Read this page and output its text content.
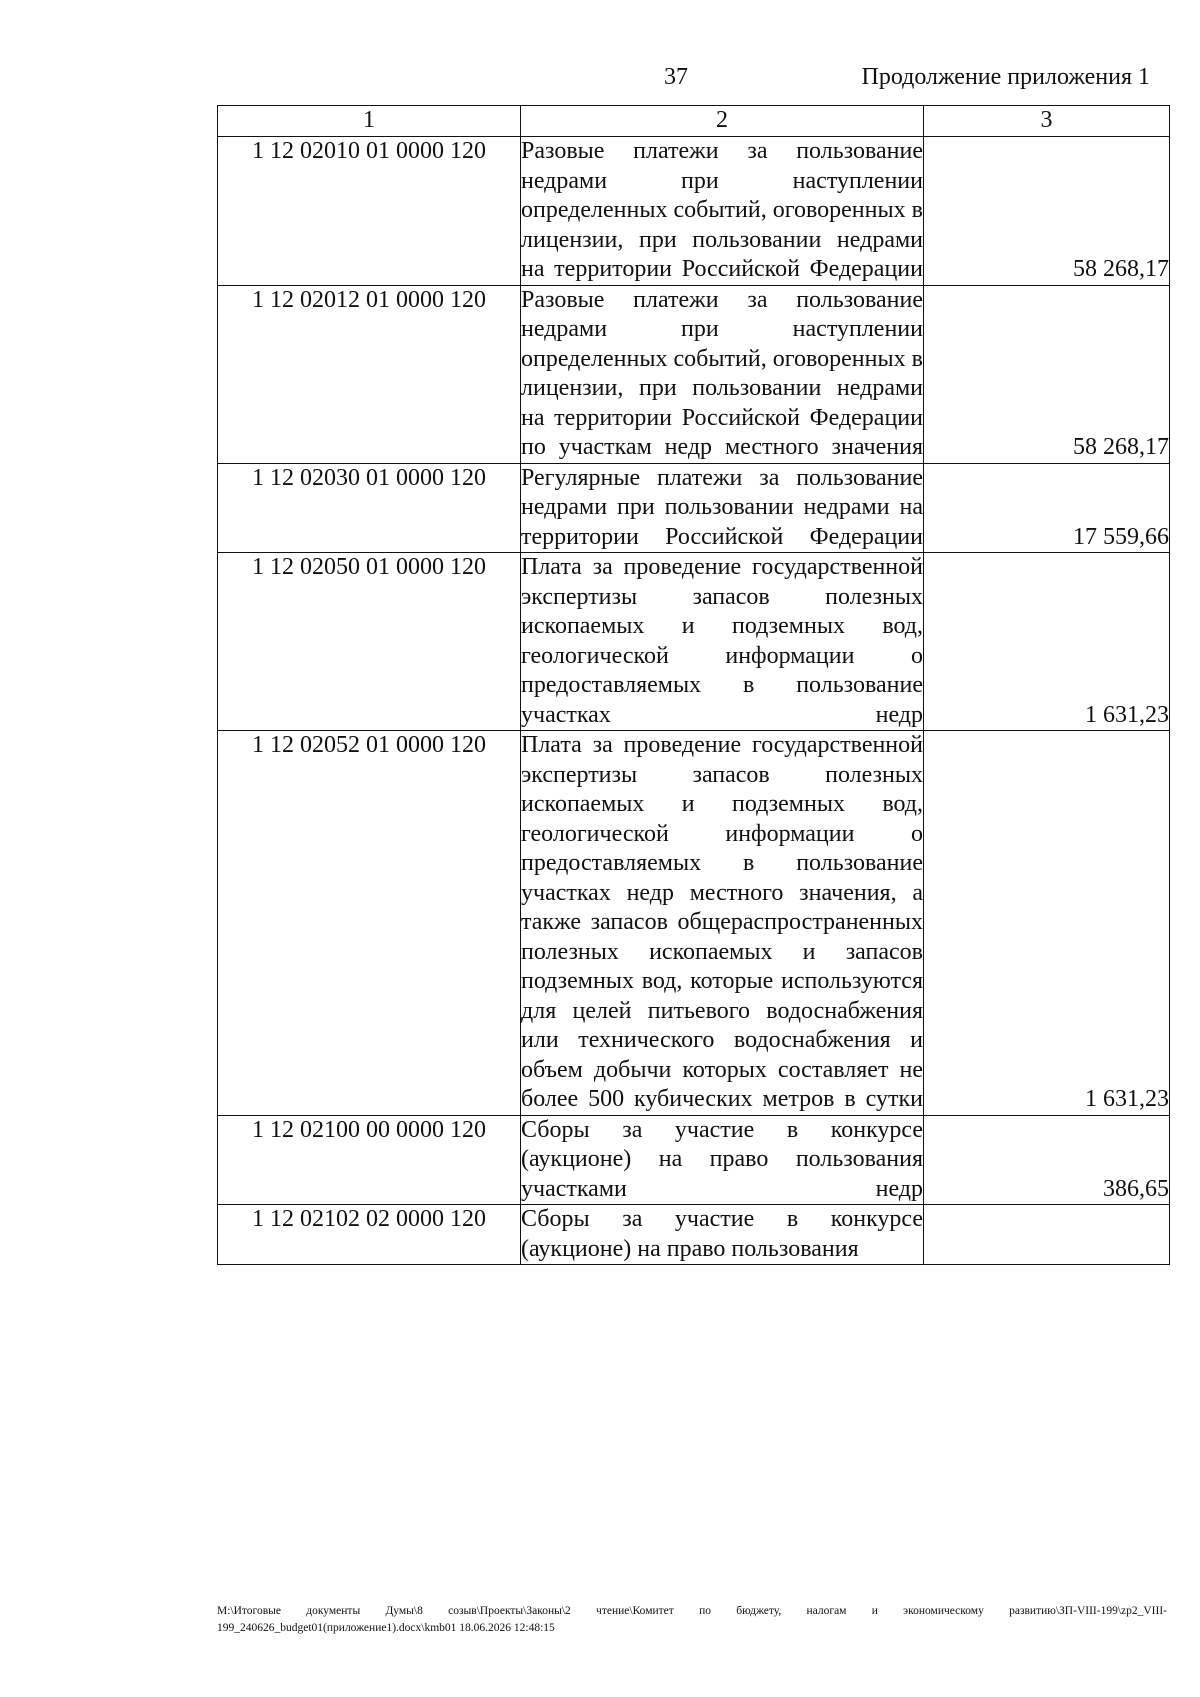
37	Продолжение приложения 1
1	2	3
1 12 02010 01 0000 120	Разовые платежи за пользование недрами при наступлении определенных событий, оговоренных в лицензии, при пользовании недрами на территории Российской Федерации	58 268,17
1 12 02012 01 0000 120	Разовые платежи за пользование недрами при наступлении определенных событий, оговоренных в лицензии, при пользовании недрами на территории Российской Федерации по участкам недр местного значения	58 268,17
1 12 02030 01 0000 120	Регулярные платежи за пользование недрами при пользовании недрами на территории Российской Федерации	17 559,66
1 12 02050 01 0000 120	Плата за проведение государственной экспертизы запасов полезных ископаемых и подземных вод, геологической информации о предоставляемых в пользование участках недр	1 631,23
1 12 02052 01 0000 120	Плата за проведение государственной экспертизы запасов полезных ископаемых и подземных вод, геологической информации о предоставляемых в пользование участках недр местного значения, а также запасов общераспространенных полезных ископаемых и запасов подземных вод, которые используются для целей питьевого водоснабжения или технического водоснабжения и объем добычи которых составляет не более 500 кубических метров в сутки	1 631,23
1 12 02100 00 0000 120	Сборы за участие в конкурсе (аукционе) на право пользования участками недр	386,65
1 12 02102 02 0000 120	Сборы за участие в конкурсе (аукционе) на право пользования	
M:\Итоговые документы Думы\8 созыв\Проекты\Законы\2 чтение\Комитет по бюджету, налогам и экономическому развитию\ЗП-VIII-199\zp2_VIII-199_240626_budget01(приложение1).docx\kmb01 18.06.2026 12:48:15
